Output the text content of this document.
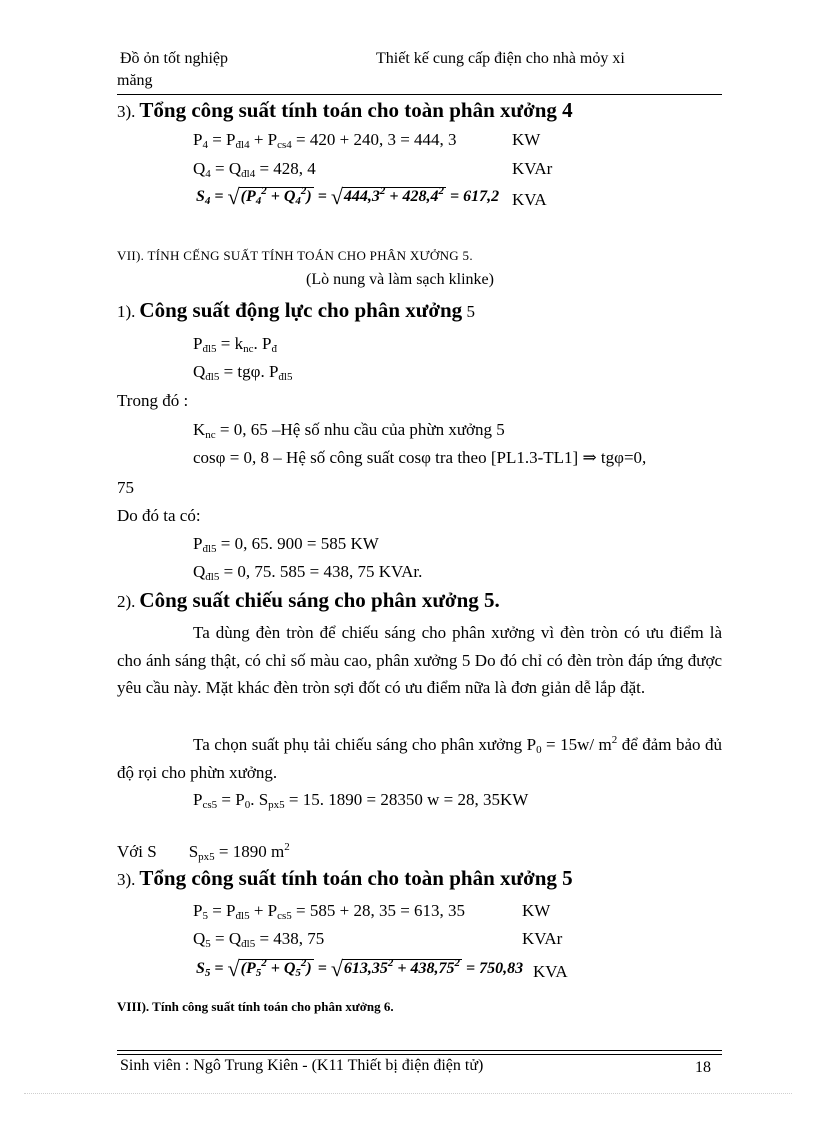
Đồ ỏn tốt nghiệp	Thiết kế cung cấp điện cho nhà mỏy xi
măng
3). Tổng công suất tính toán cho toàn phân xưởng 4
$P_4 = P_{đl4} + P_{cs4} = 420 + 240$, 3 = 444, 3	KW
$Q_4 = Q_{đl4} = 428$, 4	KVAr
$S_4$ = √ $(P_4^2 + Q_4^2)$ = √ $444,3^2 + 428,4^2 = 617,2$ KVA
VII). TÍNH CẾNG SUẤT TÍNH TOÁN CHO PHÂN XƯỞNG 5.
(Lò nung và làm sạch klinke)
1). Công suất động lực cho phân xưởng 5
$P_{đl5} = k_{nc}$. $P_đ$
$Q_{đl5} = tg\varphi$. $P_{đl5}$
Trong đó :
$K_{nc} = 0$, 65 –Hệ số nhu cầu của phừn xưởng 5
cosφ = 0, 8 – Hệ số công suất cosφ tra theo [PL1.3-TL1] ⇒ tgφ=0,
75
Do đó ta có:
$P_{đl5} = 0$, 65. 900 = 585 KW
$Q_{đl5} = 0$, 75. 585 = 438, 75 KVAr.
2). Công suất chiếu sáng cho phân xưởng 5.
Ta dùng đèn tròn để chiếu sáng cho phân xưởng vì đèn tròn có ưu điểm là cho ánh sáng thật, có chỉ số màu cao, phân xưởng 5 Do đó chỉ có đèn tròn đáp ứng được yêu cầu này. Mặt khác đèn tròn sợi đốt có ưu điểm nữa là đơn giản dễ lắp đặt.
Ta chọn suất phụ tải chiếu sáng cho phân xưởng $P_0 = 15w/$ $m^2$ để đảm bảo đủ độ rọi cho phừn xưởng.
$P_{cs5} = P_0$. $S_{px5} = 15$. 1890 = 28350 w = 28, 35KW
Với S $S_{px5} = 1890$ $m^2$
3). Tổng công suất tính toán cho toàn phân xưởng 5
$P_5 = P_{đl5} + P_{cs5} = 585 + 28$, 35 = 613, 35	KW
$Q_5 = Q_{đl5} = 438$, 75	KVAr
$S_5$ = √ $(P_5^2 + Q_5^2)$ = √ $613,35^2 + 438,75^2 = 750,83$ KVA
VIII). Tính công suất tính toán cho phân xưởng 6.
Sinh viên : Ngô Trung Kiên - (K11 Thiết bị điện điện tử)	18
